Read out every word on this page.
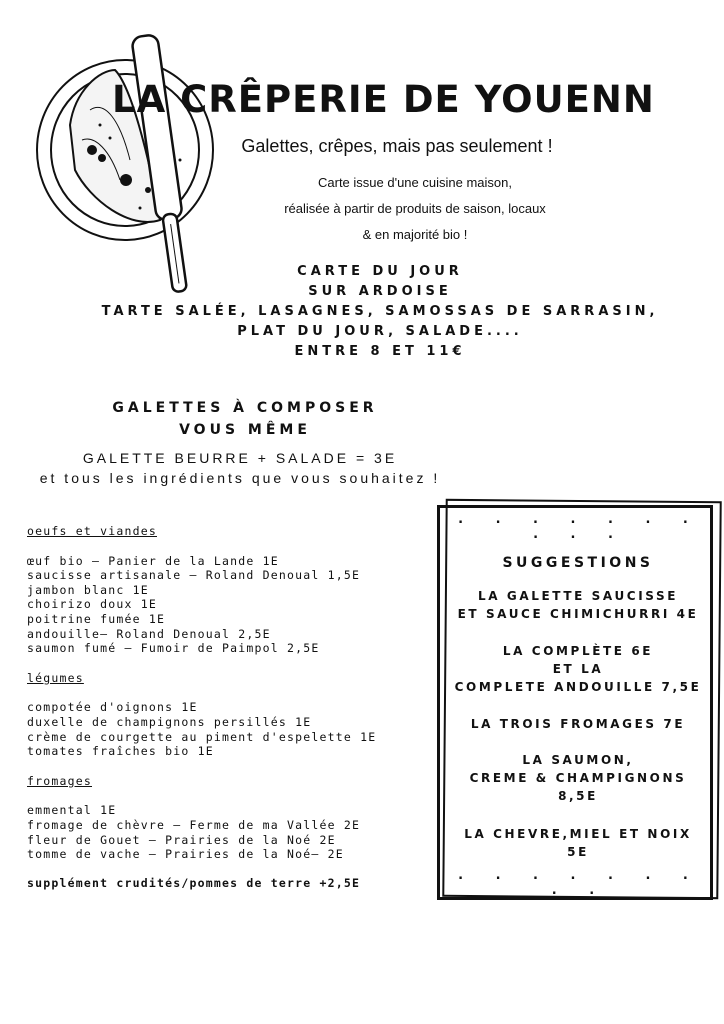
LA CRÊPERIE DE YOUENN
Galettes, crêpes, mais pas seulement !
Carte issue d'une cuisine maison,
réalisée à partir de produits de saison, locaux
& en majorité bio !
CARTE DU JOUR
SUR ARDOISE
TARTE SALÉE, LASAGNES, SAMOSSAS DE SARRASIN,
PLAT DU JOUR, SALADE....
ENTRE 8 ET 11€
GALETTES À COMPOSER
VOUS MÊME
GALETTE BEURRE + SALADE = 3E
et tous les ingrédients que vous souhaitez !

oeufs et viandes

œuf bio – Panier de la Lande 1E

saucisse artisanale – Roland Denoual 1,5E

jambon blanc 1E

choirizo doux 1E

poitrine fumée 1E

andouille– Roland Denoual 2,5E

saumon fumé – Fumoir de Paimpol 2,5E

légumes

compotée d'oignons 1E

duxelle de champignons persillés 1E

crème de courgette au piment d'espelette 1E

tomates fraîches bio 1E

fromages

emmental 1E

fromage de chèvre – Ferme de ma Vallée 2E

fleur de Gouet – Prairies de la Noé 2E

tomme de vache – Prairies de la Noé– 2E

supplément crudités/pommes de terre +2,5E

. . . . . . . . . .
SUGGESTIONS
LA GALETTE SAUCISSE
ET SAUCE CHIMICHURRI 4E
LA COMPLÈTE 6E
ET LA
COMPLETE ANDOUILLE 7,5E
LA TROIS FROMAGES 7E
LA SAUMON,
CREME & CHAMPIGNONS
8,5E
LA CHEVRE,MIEL ET NOIX
5E
. . . . . . . . .
